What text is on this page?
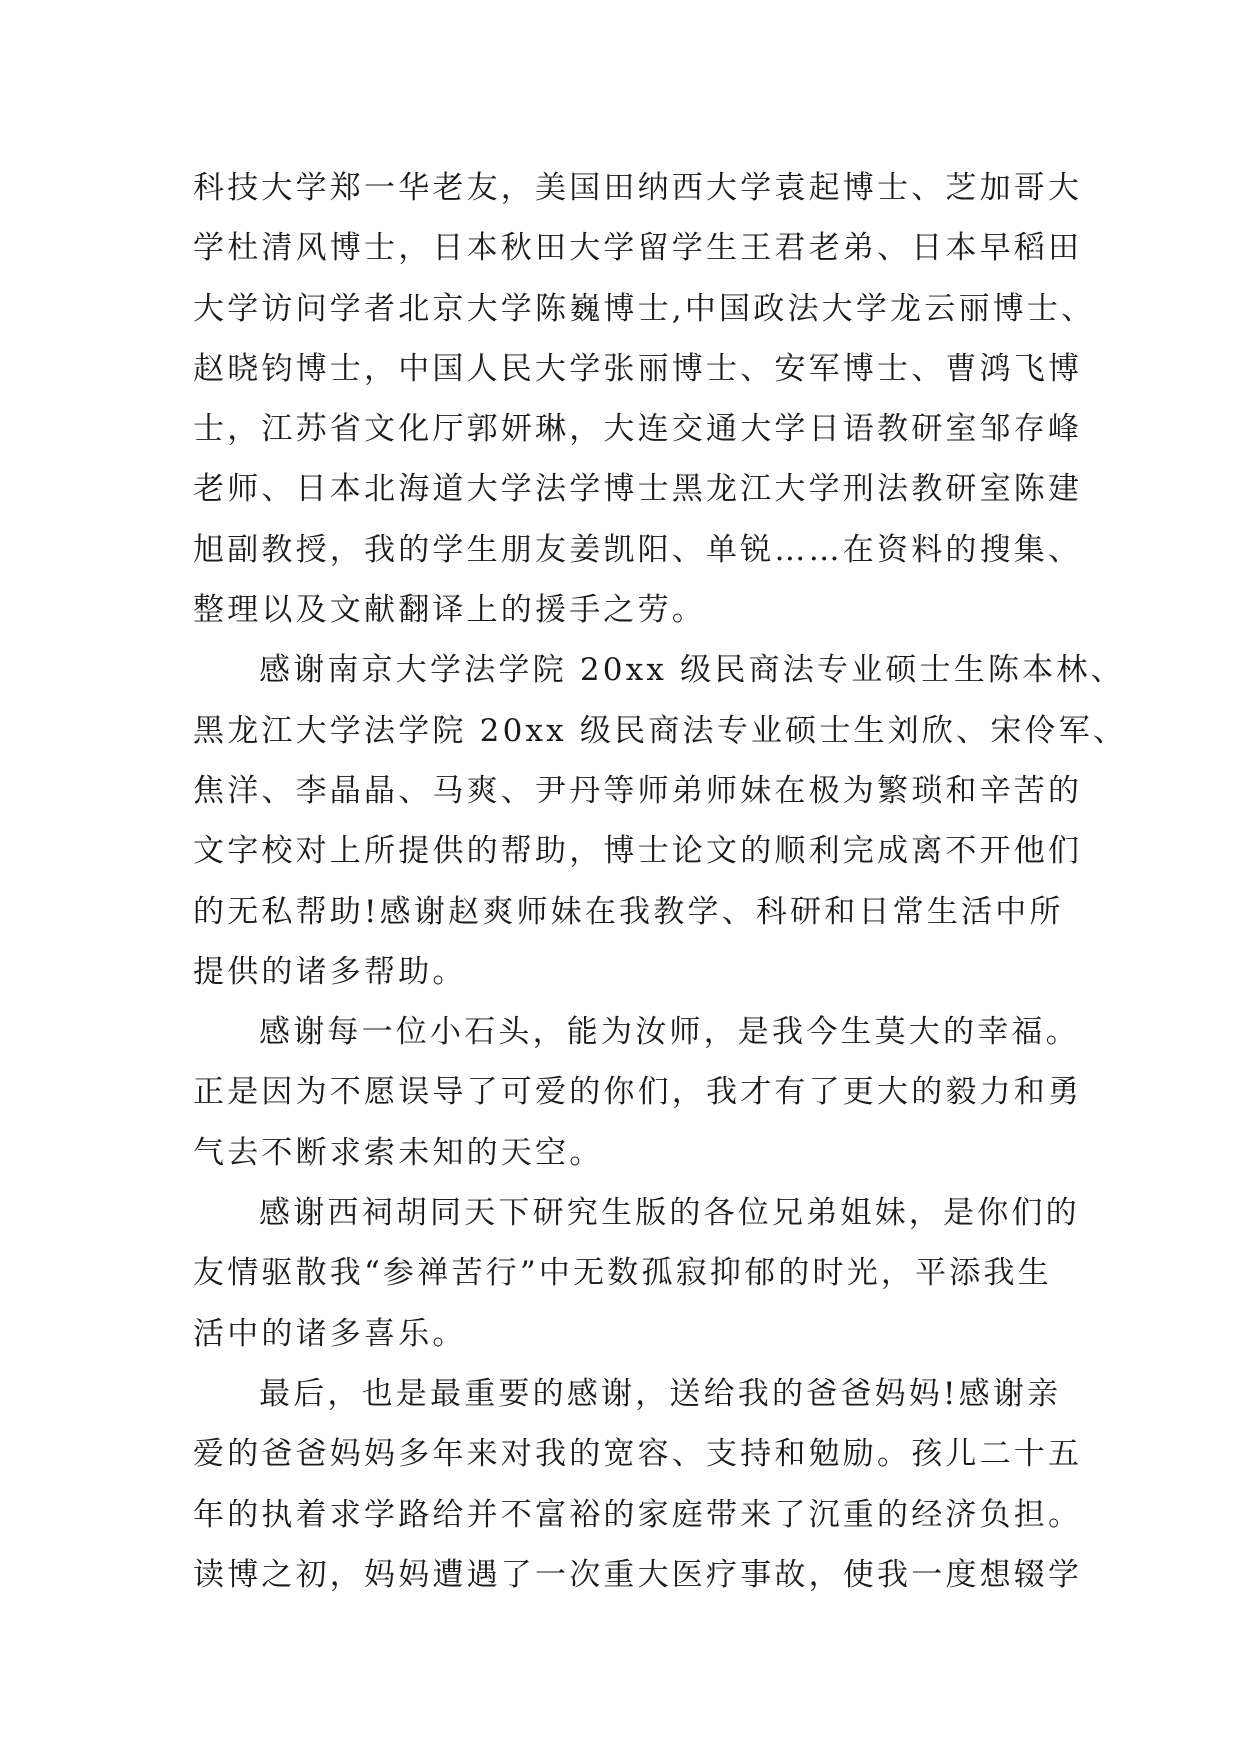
科技大学郑一华老友，美国田纳西大学袁起博士、芝加哥大
学杜清风博士，日本秋田大学留学生王君老弟、日本早稻田
大学访问学者北京大学陈巍博士,中国政法大学龙云丽博士、
赵晓钧博士，中国人民大学张丽博士、安军博士、曹鸿飞博
士，江苏省文化厅郭妍琳，大连交通大学日语教研室邹存峰
老师、日本北海道大学法学博士黑龙江大学刑法教研室陈建
旭副教授，我的学生朋友姜凯阳、单锐……在资料的搜集、
整理以及文献翻译上的援手之劳。
感谢南京大学法学院 20xx 级民商法专业硕士生陈本林、
黑龙江大学法学院 20xx 级民商法专业硕士生刘欣、宋伶军、
焦洋、李晶晶、马爽、尹丹等师弟师妹在极为繁琐和辛苦的
文字校对上所提供的帮助，博士论文的顺利完成离不开他们
的无私帮助!感谢赵爽师妹在我教学、科研和日常生活中所
提供的诸多帮助。
感谢每一位小石头，能为汝师，是我今生莫大的幸福。
正是因为不愿误导了可爱的你们，我才有了更大的毅力和勇
气去不断求索未知的天空。
感谢西祠胡同天下研究生版的各位兄弟姐妹，是你们的
友情驱散我“参禅苦行”中无数孤寂抑郁的时光，平添我生
活中的诸多喜乐。
最后，也是最重要的感谢，送给我的爸爸妈妈!感谢亲
爱的爸爸妈妈多年来对我的宽容、支持和勉励。孩儿二十五
年的执着求学路给并不富裕的家庭带来了沉重的经济负担。
读博之初，妈妈遭遇了一次重大医疗事故，使我一度想辍学
